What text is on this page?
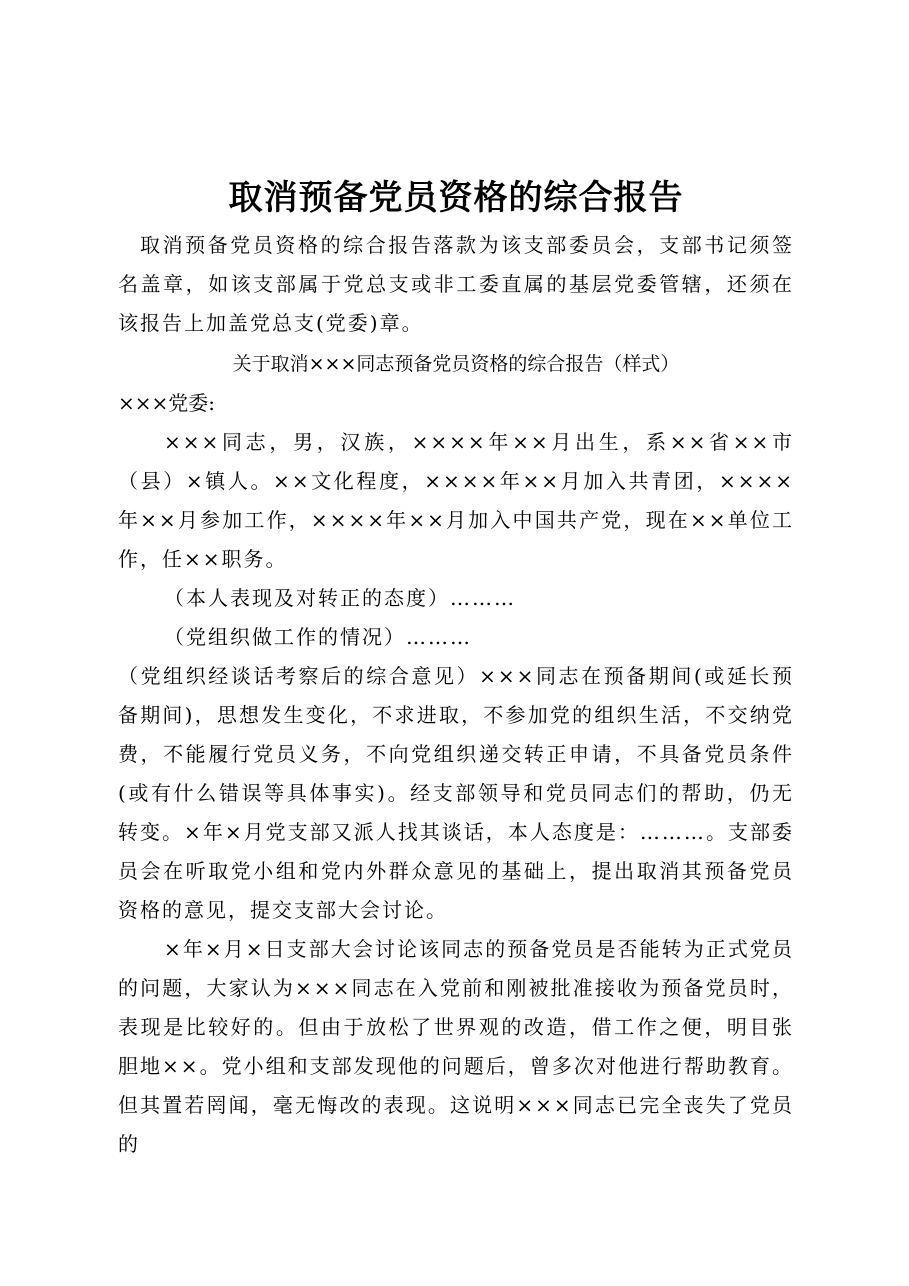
取消预备党员资格的综合报告

取消预备党员资格的综合报告落款为该支部委员会，支部书记须签名盖章，如该支部属于党总支或非工委直属的基层党委管辖，还须在该报告上加盖党总支(党委)章。

关于取消×××同志预备党员资格的综合报告（样式）

×××党委:

×××同志，男，汉族，××××年××月出生，系××省××市（县）×镇人。××文化程度，××××年××月加入共青团，××××年××月参加工作，××××年××月加入中国共产党，现在××单位工作，任××职务。

（本人表现及对转正的态度）………

（党组织做工作的情况）………

（党组织经谈话考察后的综合意见）×××同志在预备期间(或延长预备期间)，思想发生变化，不求进取，不参加党的组织生活，不交纳党费，不能履行党员义务，不向党组织递交转正申请，不具备党员条件(或有什么错误等具体事实)。经支部领导和党员同志们的帮助，仍无转变。×年×月党支部又派人找其谈话，本人态度是：………。支部委员会在听取党小组和党内外群众意见的基础上，提出取消其预备党员资格的意见，提交支部大会讨论。

×年×月×日支部大会讨论该同志的预备党员是否能转为正式党员的问题，大家认为×××同志在入党前和刚被批准接收为预备党员时，表现是比较好的。但由于放松了世界观的改造，借工作之便，明目张胆地××。党小组和支部发现他的问题后，曾多次对他进行帮助教育。但其置若罔闻，毫无悔改的表现。这说明×××同志已完全丧失了党员的
